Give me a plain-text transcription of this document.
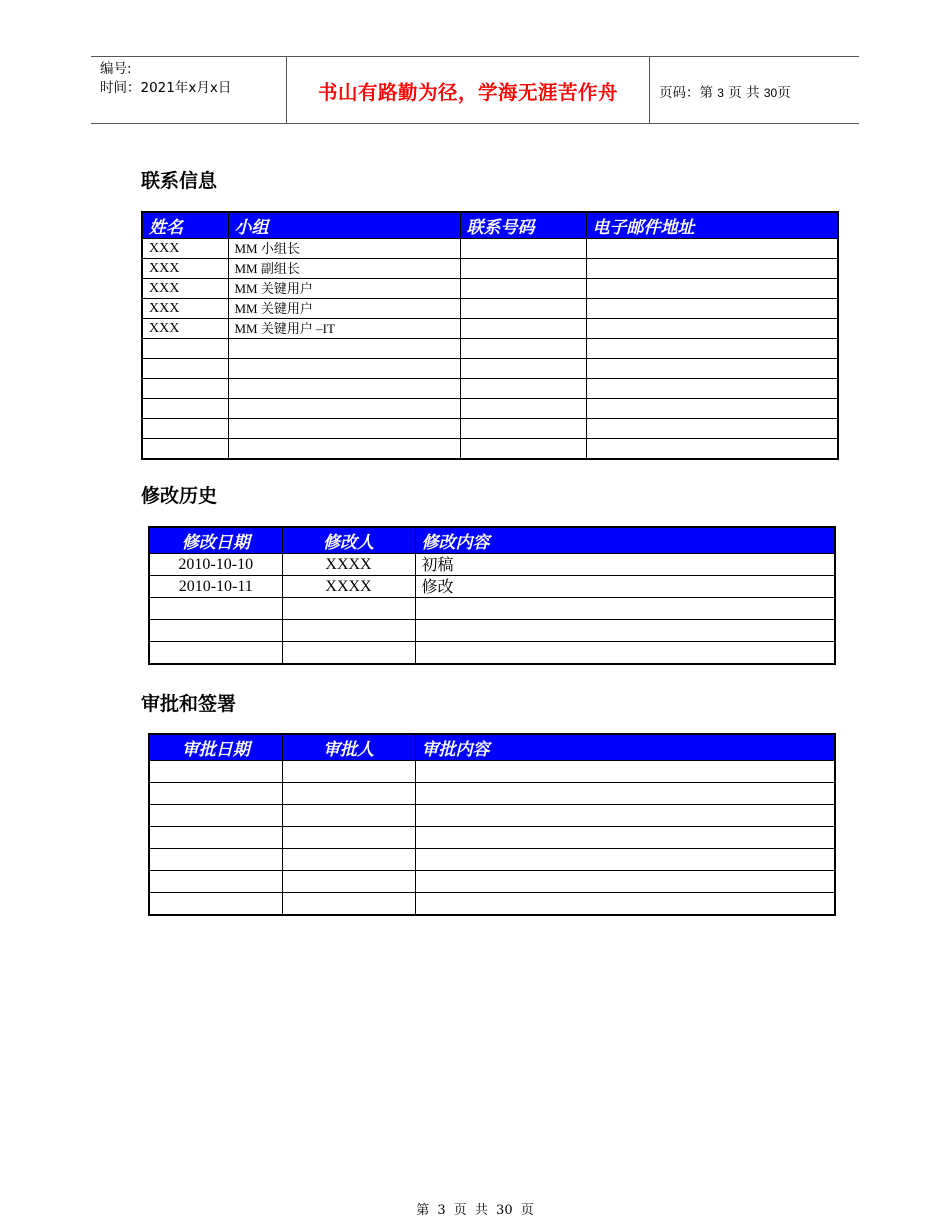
编号:
时间：2021年x月x日	书山有路勤为径，学海无涯苦作舟	页码：第 3 页 共 30页
联系信息
姓名	小组	联系号码	电子邮件地址
XXX	MM 小组长		
XXX	MM 副组长		
XXX	MM 关键用户		
XXX	MM 关键用户		
XXX	MM 关键用户 –IT		

修改历史
修改日期	修改人	修改内容
2010-10-10	XXXX	初稿
2010-10-11	XXXX	修改

审批和签署
审批日期	审批人	审批内容

第 3 页 共 30 页
